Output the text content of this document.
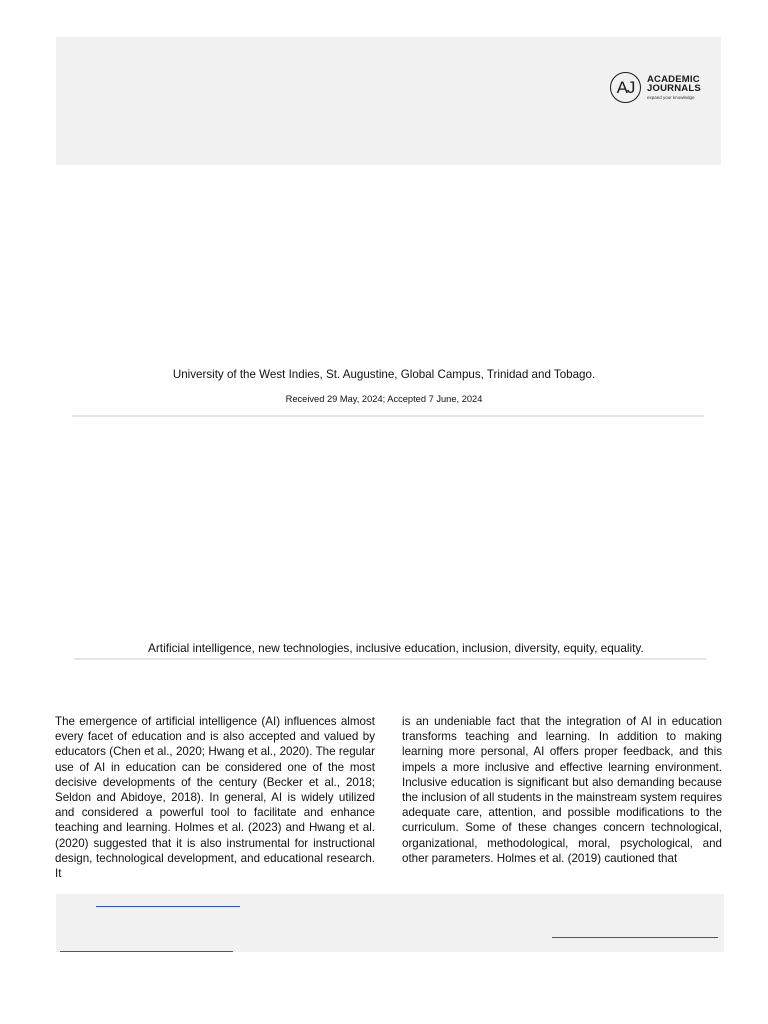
AJ	ACADEMIC
JOURNALS
expand your knowledge
University of the West Indies, St. Augustine, Global Campus, Trinidad and Tobago.
Received 29 May, 2024; Accepted 7 June, 2024
Artificial intelligence, new technologies, inclusive education, inclusion, diversity, equity, equality.
The emergence of artificial intelligence (AI) influences almost every facet of education and is also accepted and valued by educators (Chen et al., 2020; Hwang et al., 2020). The regular use of AI in education can be considered one of the most decisive developments of the century (Becker et al., 2018; Seldon and Abidoye, 2018). In general, AI is widely utilized and considered a powerful tool to facilitate and enhance teaching and learning. Holmes et al. (2023) and Hwang et al. (2020) suggested that it is also instrumental for instructional design, technological development, and educational research. It
is an undeniable fact that the integration of AI in education transforms teaching and learning. In addition to making learning more personal, AI offers proper feedback, and this impels a more inclusive and effective learning environment. Inclusive education is significant but also demanding because the inclusion of all students in the mainstream system requires adequate care, attention, and possible modifications to the curriculum. Some of these changes concern technological, organizational, methodological, moral, psychological, and other parameters. Holmes et al. (2019) cautioned that
